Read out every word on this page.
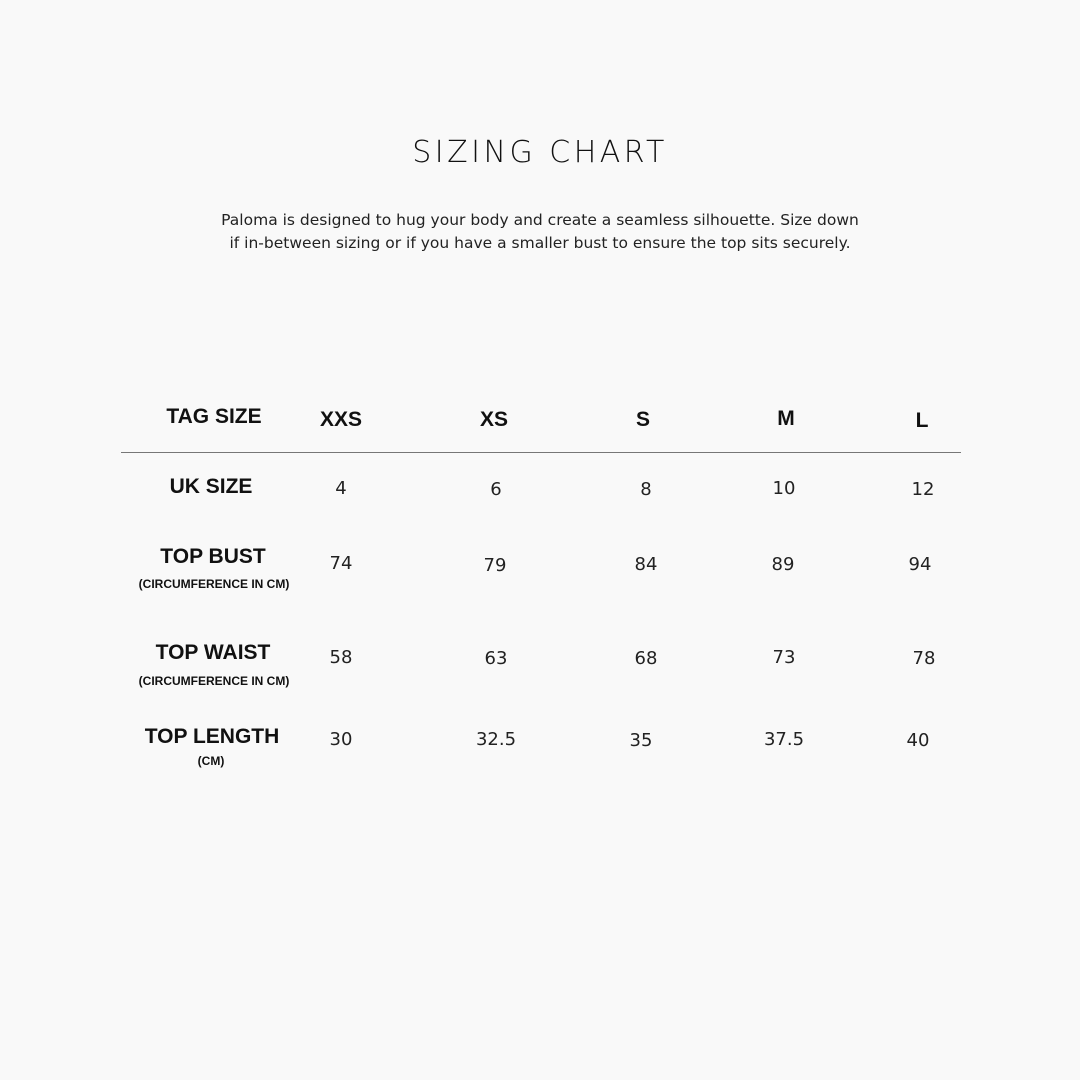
SIZING CHART
Paloma is designed to hug your body and create a seamless silhouette. Size down
if in-between sizing or if you have a smaller bust to ensure the top sits securely.
TAG SIZE	XXS	XS	S	M	L
UK SIZE	4	6	8	10	12
TOP BUST
(CIRCUMFERENCE IN CM)
74	79	84	89	94
TOP WAIST
(CIRCUMFERENCE IN CM)
58	63	68	73	78
TOP LENGTH
(CM)
30	32.5	35	37.5	40
